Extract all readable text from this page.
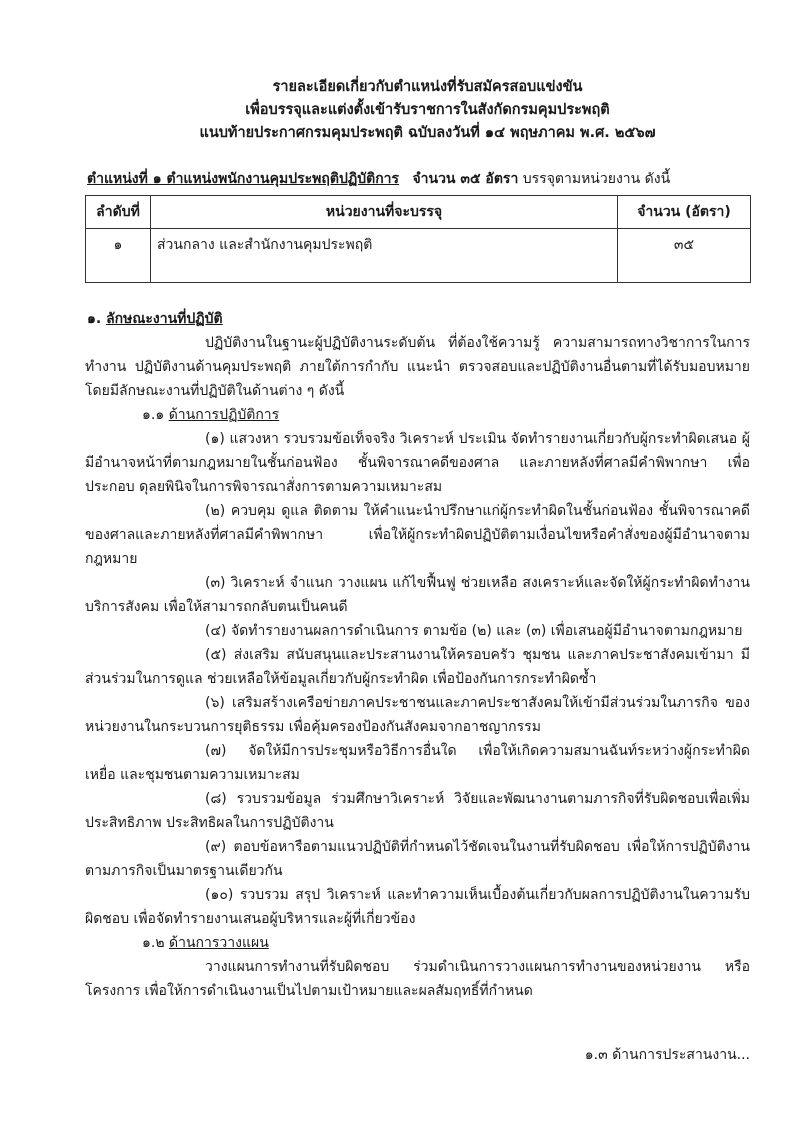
รายละเอียดเกี่ยวกับตำแหน่งที่รับสมัครสอบแข่งขัน

เพื่อบรรจุและแต่งตั้งเข้ารับราชการในสังกัดกรมคุมประพฤติ

แนบท้ายประกาศกรมคุมประพฤติ ฉบับลงวันที่ ๑๔ พฤษภาคม พ.ศ. ๒๕๖๗

ตำแหน่งที่ ๑ ตำแหน่งพนักงานคุมประพฤติปฏิบัติการ จำนวน ๓๕ อัตรา บรรจุตามหน่วยงาน ดังนี้

ลำดับที่	หน่วยงานที่จะบรรจุ	จำนวน (อัตรา)
๑	ส่วนกลาง และสำนักงานคุมประพฤติ	๓๕

๑. ลักษณะงานที่ปฏิบัติ

ปฏิบัติงานในฐานะผู้ปฏิบัติงานระดับต้น ที่ต้องใช้ความรู้ ความสามารถทางวิชาการในการทำงาน ปฏิบัติงานด้านคุมประพฤติ ภายใต้การกำกับ แนะนำ ตรวจสอบและปฏิบัติงานอื่นตามที่ได้รับมอบหมาย โดยมีลักษณะงานที่ปฏิบัติในด้านต่าง ๆ ดังนี้

๑.๑ ด้านการปฏิบัติการ

(๑) แสวงหา รวบรวมข้อเท็จจริง วิเคราะห์ ประเมิน จัดทำรายงานเกี่ยวกับผู้กระทำผิดเสนอ ผู้มีอำนาจหน้าที่ตามกฎหมายในชั้นก่อนฟ้อง ชั้นพิจารณาคดีของศาล และภายหลังที่ศาลมีคำพิพากษา เพื่อประกอบ ดุลยพินิจในการพิจารณาสั่งการตามความเหมาะสม

(๒) ควบคุม ดูแล ติดตาม ให้คำแนะนำปรึกษาแก่ผู้กระทำผิดในชั้นก่อนฟ้อง ชั้นพิจารณาคดี ของศาลและภายหลังที่ศาลมีคำพิพากษา เพื่อให้ผู้กระทำผิดปฏิบัติตามเงื่อนไขหรือคำสั่งของผู้มีอำนาจตามกฎหมาย

(๓) วิเคราะห์ จำแนก วางแผน แก้ไขฟื้นฟู ช่วยเหลือ สงเคราะห์และจัดให้ผู้กระทำผิดทำงาน บริการสังคม เพื่อให้สามารถกลับตนเป็นคนดี

(๔) จัดทำรายงานผลการดำเนินการ ตามข้อ (๒) และ (๓) เพื่อเสนอผู้มีอำนาจตามกฎหมาย

(๕) ส่งเสริม สนับสนุนและประสานงานให้ครอบครัว ชุมชน และภาคประชาสังคมเข้ามา มีส่วนร่วมในการดูแล ช่วยเหลือให้ข้อมูลเกี่ยวกับผู้กระทำผิด เพื่อป้องกันการกระทำผิดซ้ำ

(๖) เสริมสร้างเครือข่ายภาคประชาชนและภาคประชาสังคมให้เข้ามีส่วนร่วมในภารกิจ ของหน่วยงานในกระบวนการยุติธรรม เพื่อคุ้มครองป้องกันสังคมจากอาชญากรรม

(๗) จัดให้มีการประชุมหรือวิธีการอื่นใด เพื่อให้เกิดความสมานฉันท์ระหว่างผู้กระทำผิด เหยื่อ และชุมชนตามความเหมาะสม

(๘) รวบรวมข้อมูล ร่วมศึกษาวิเคราะห์ วิจัยและพัฒนางานตามภารกิจที่รับผิดชอบเพื่อเพิ่ม ประสิทธิภาพ ประสิทธิผลในการปฏิบัติงาน

(๙) ตอบข้อหารือตามแนวปฏิบัติที่กำหนดไว้ชัดเจนในงานที่รับผิดชอบ เพื่อให้การปฏิบัติงาน ตามภารกิจเป็นมาตรฐานเดียวกัน

(๑๐) รวบรวม สรุป วิเคราะห์ และทำความเห็นเบื้องต้นเกี่ยวกับผลการปฏิบัติงานในความรับผิดชอบ เพื่อจัดทำรายงานเสนอผู้บริหารและผู้ที่เกี่ยวข้อง

๑.๒ ด้านการวางแผน

วางแผนการทำงานที่รับผิดชอบ ร่วมดำเนินการวางแผนการทำงานของหน่วยงาน หรือ โครงการ เพื่อให้การดำเนินงานเป็นไปตามเป้าหมายและผลสัมฤทธิ์ที่กำหนด

๑.๓ ด้านการประสานงาน...
